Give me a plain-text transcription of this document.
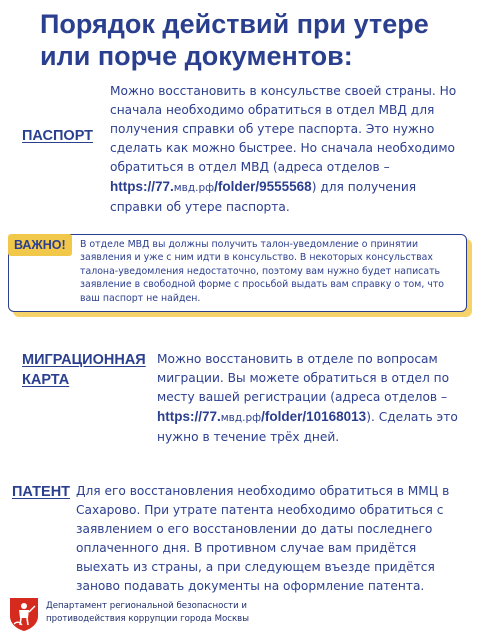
Порядок действий при утере
или порче документов:
ПАСПОРТ
Можно восстановить в консульстве своей страны. Но сначала необходимо обратиться в отдел МВД для получения справки об утере паспорта. Это нужно сделать как можно быстрее. Но сначала необходимо обратиться в отдел МВД (адреса отделов – https://77.мвд.рф/folder/9555568) для получения справки об утере паспорта.
ВАЖНО!	В отделе МВД вы должны получить талон-уведомление о принятии заявления и уже с ним идти в консульство. В некоторых консульствах талона-уведомления недостаточно, поэтому вам нужно будет написать заявление в свободной форме с просьбой выдать вам справку о том, что ваш паспорт не найден.
МИГРАЦИОННАЯ КАРТА
Можно восстановить в отделе по вопросам миграции. Вы можете обратиться в отдел по месту вашей регистрации (адреса отделов – https://77.мвд.рф/folder/10168013). Сделать это нужно в течение трёх дней.
ПАТЕНТ Для его восстановления необходимо обратиться в ММЦ в Сахарово. При утрате патента необходимо обратиться с заявлением о его восстановлении до даты последнего оплаченного дня. В противном случае вам придётся выехать из страны, а при следующем въезде придётся заново подавать документы на оформление патента.
Департамент региональной безопасности и противодействия коррупции города Москвы
